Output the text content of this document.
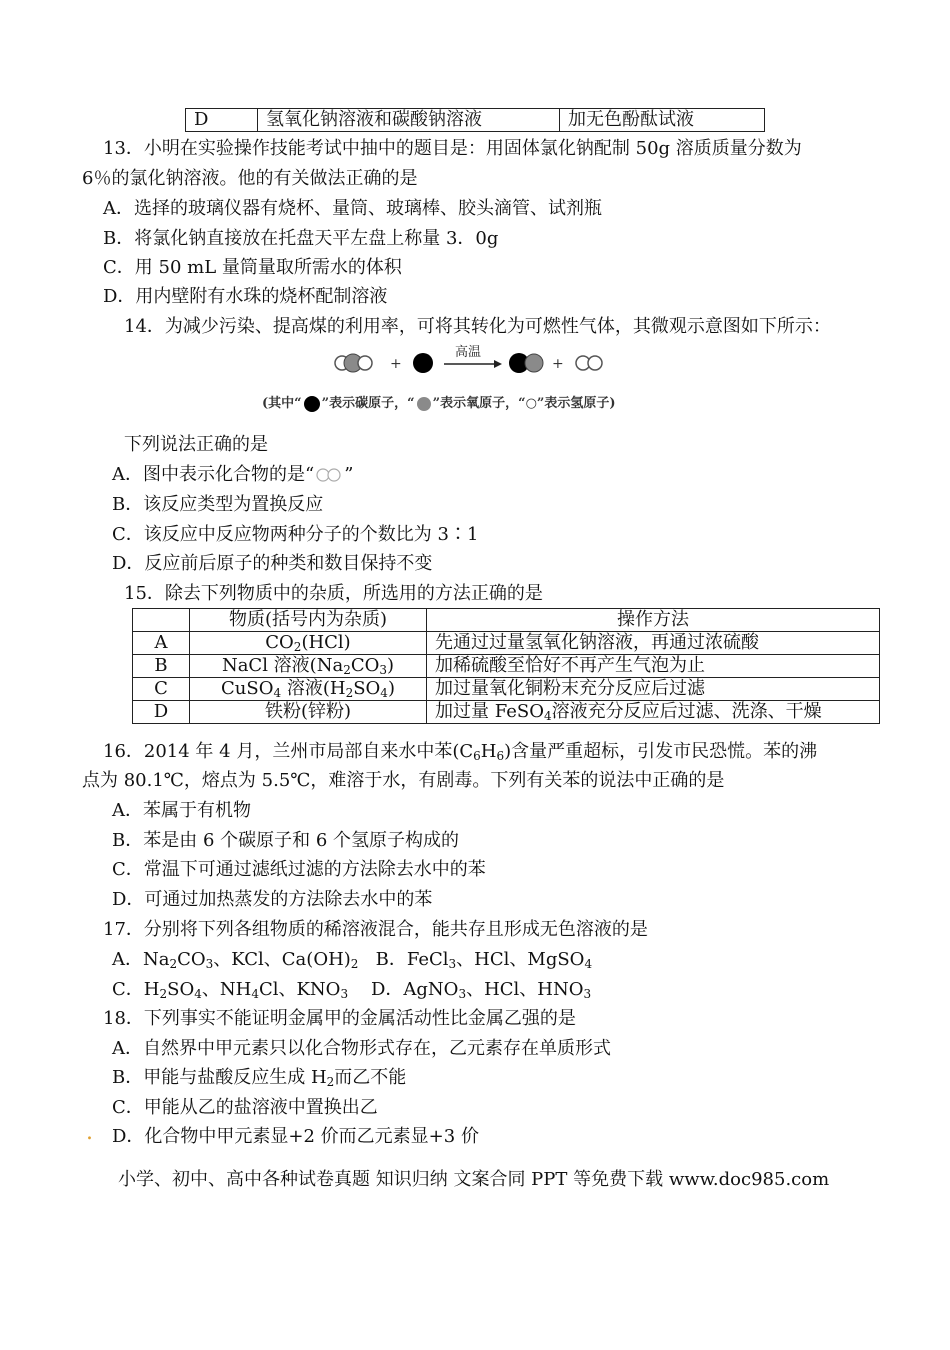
D	氢氧化钠溶液和碳酸钠溶液	加无色酚酞试液
13．小明在实验操作技能考试中抽中的题目是：用固体氯化钠配制 50g 溶质质量分数为
6％的氯化钠溶液。他的有关做法正确的是
A．选择的玻璃仪器有烧杯、量筒、玻璃棒、胶头滴管、试剂瓶
B．将氯化钠直接放在托盘天平左盘上称量 3．0g
C．用 50 mL 量筒量取所需水的体积
D．用内壁附有水珠的烧杯配制溶液
14．为减少污染、提高煤的利用率，可将其转化为可燃性气体，其微观示意图如下所示：
+
高温
+
(其中“ ”表示碳原子，“ ”表示氧原子，“○”表示氢原子)
下列说法正确的是
A．图中表示化合物的是“ ”
B．该反应类型为置换反应
C．该反应中反应物两种分子的个数比为 3∶1
D．反应前后原子的种类和数目保持不变
15．除去下列物质中的杂质，所选用的方法正确的是
	物质(括号内为杂质)	操作方法
A	$CO_2(HCl)$	先通过过量氢氧化钠溶液，再通过浓硫酸
B	NaCl 溶液$(Na_2CO_3)$	加稀硫酸至恰好不再产生气泡为止
C	CuSO$_4$ 溶液$(H_2SO_4)$	加过量氧化铜粉末充分反应后过滤
D	铁粉(锌粉)	加过量 FeSO$_4$溶液充分反应后过滤、洗涤、干燥
16．2014 年 4 月，兰州市局部自来水中苯$(C_6H_6)$含量严重超标，引发市民恐慌。苯的沸
点为 80.1℃，熔点为 5.5℃，难溶于水，有剧毒。下列有关苯的说法中正确的是
A．苯属于有机物
B．苯是由 6 个碳原子和 6 个氢原子构成的
C．常温下可通过滤纸过滤的方法除去水中的苯
D．可通过加热蒸发的方法除去水中的苯
17．分别将下列各组物质的稀溶液混合，能共存且形成无色溶液的是
A．$Na_2CO_3$、KCl、$Ca(OH)_2$ B．FeCl$_3$、HCl、MgSO$_4$
C．$H_2SO_4$、$NH_4Cl$、$KNO_3$ D．AgNO$_3$、HCl、$HNO_3$
18．下列事实不能证明金属甲的金属活动性比金属乙强的是
A．自然界中甲元素只以化合物形式存在，乙元素存在单质形式
B．甲能与盐酸反应生成 $H_2$而乙不能
C．甲能从乙的盐溶液中置换出乙
. D．化合物中甲元素显+2 价而乙元素显+3 价
小学、初中、高中各种试卷真题 知识归纳 文案合同 PPT 等免费下载 www.doc985.com
